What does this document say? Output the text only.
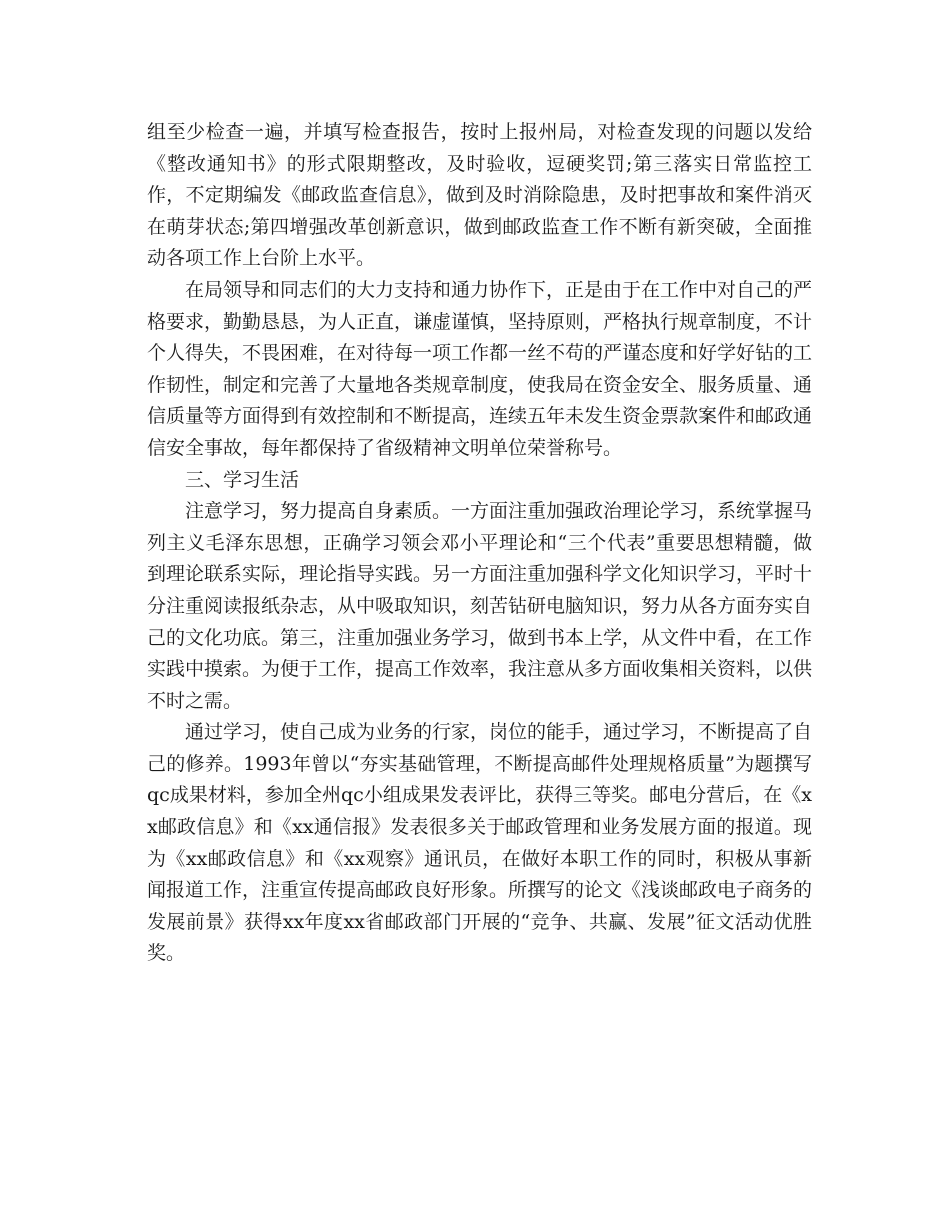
组至少检查一遍，并填写检查报告，按时上报州局，对检查发现的问题以发给《整改通知书》的形式限期整改，及时验收，逗硬奖罚;第三落实日常监控工作，不定期编发《邮政监查信息》，做到及时消除隐患，及时把事故和案件消灭在萌芽状态;第四增强改革创新意识，做到邮政监查工作不断有新突破，全面推动各项工作上台阶上水平。

在局领导和同志们的大力支持和通力协作下，正是由于在工作中对自己的严格要求，勤勤恳恳，为人正直，谦虚谨慎，坚持原则，严格执行规章制度，不计个人得失，不畏困难，在对待每一项工作都一丝不苟的严谨态度和好学好钻的工作韧性，制定和完善了大量地各类规章制度，使我局在资金安全、服务质量、通信质量等方面得到有效控制和不断提高，连续五年未发生资金票款案件和邮政通信安全事故，每年都保持了省级精神文明单位荣誉称号。

三、学习生活

注意学习，努力提高自身素质。一方面注重加强政治理论学习，系统掌握马列主义毛泽东思想，正确学习领会邓小平理论和“三个代表”重要思想精髓，做到理论联系实际，理论指导实践。另一方面注重加强科学文化知识学习，平时十分注重阅读报纸杂志，从中吸取知识，刻苦钻研电脑知识，努力从各方面夯实自己的文化功底。第三，注重加强业务学习，做到书本上学，从文件中看，在工作实践中摸索。为便于工作，提高工作效率，我注意从多方面收集相关资料，以供不时之需。

通过学习，使自己成为业务的行家，岗位的能手，通过学习，不断提高了自己的修养。1993年曾以“夯实基础管理，不断提高邮件处理规格质量”为题撰写qc成果材料，参加全州qc小组成果发表评比，获得三等奖。邮电分营后，在《xx邮政信息》和《xx通信报》发表很多关于邮政管理和业务发展方面的报道。现为《xx邮政信息》和《xx观察》通讯员，在做好本职工作的同时，积极从事新闻报道工作，注重宣传提高邮政良好形象。所撰写的论文《浅谈邮政电子商务的发展前景》获得xx年度xx省邮政部门开展的“竞争、共赢、发展”征文活动优胜奖。
